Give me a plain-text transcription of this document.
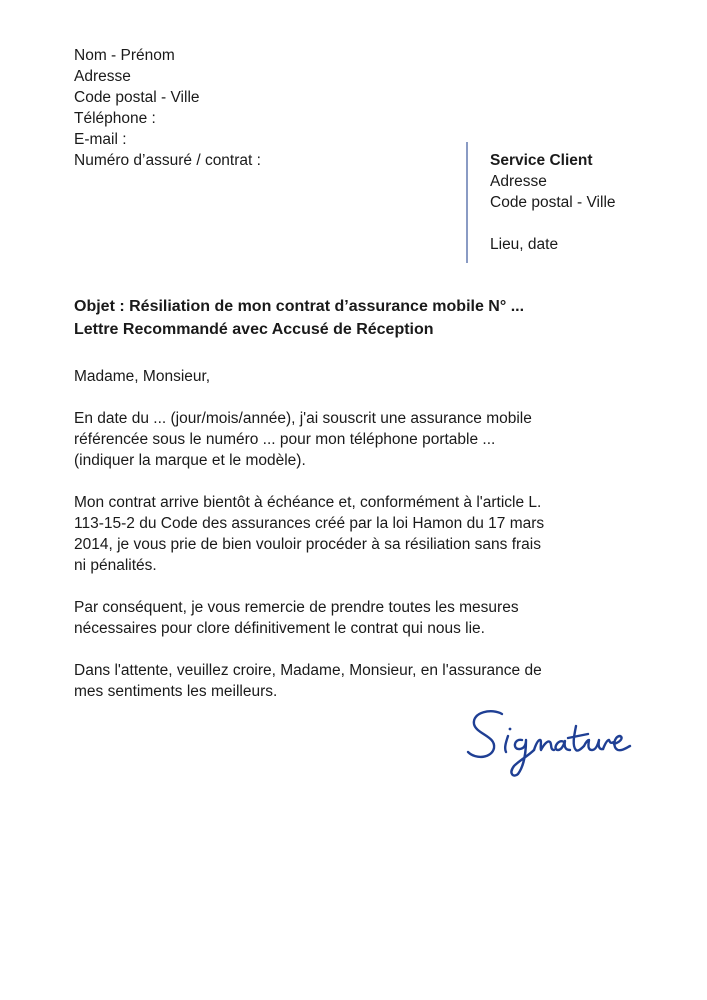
Nom - Prénom
Adresse
Code postal - Ville
Téléphone :
E-mail :
Numéro d’assuré / contrat :	Service Client
Adresse
Code postal - Ville
Lieu, date
Objet : Résiliation de mon contrat d’assurance mobile N° ...
Lettre Recommandé avec Accusé de Réception

Madame, Monsieur,

En date du ... (jour/mois/année), j'ai souscrit une assurance mobile
référencée sous le numéro ... pour mon téléphone portable ...
(indiquer la marque et le modèle).

Mon contrat arrive bientôt à échéance et, conformément à l'article L.
113-15-2 du Code des assurances créé par la loi Hamon du 17 mars
2014, je vous prie de bien vouloir procéder à sa résiliation sans frais
ni pénalités.

Par conséquent, je vous remercie de prendre toutes les mesures
nécessaires pour clore définitivement le contrat qui nous lie.

Dans l'attente, veuillez croire, Madame, Monsieur, en l'assurance de
mes sentiments les meilleurs.
